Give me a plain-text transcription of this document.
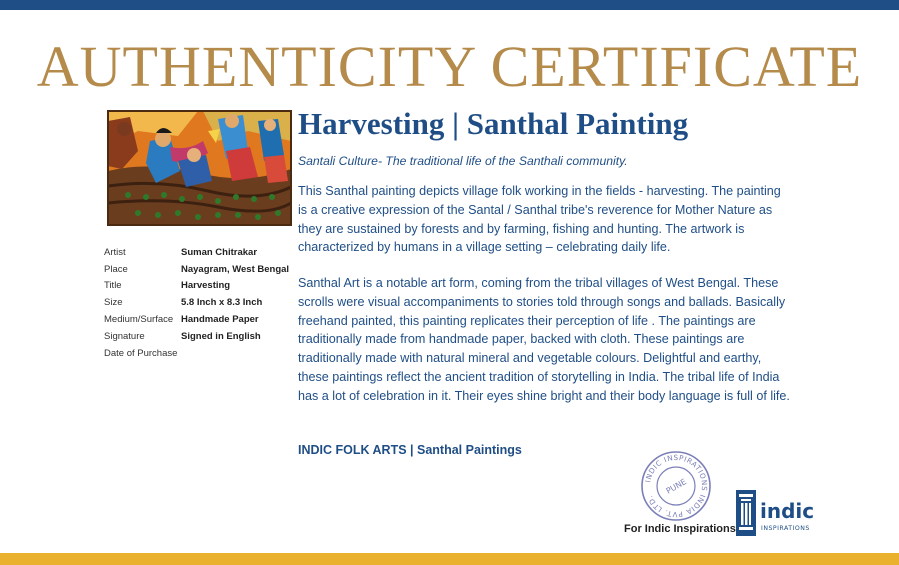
AUTHENTICITY CERTIFICATE
Artist	Suman Chitrakar
Place	Nayagram, West Bengal
Title	Harvesting
Size	5.8 Inch x 8.3 Inch
Medium/Surface Handmade Paper
Signature	Signed in English
Date of Purchase
Harvesting | Santhal Painting

Santali Culture- The traditional life of the Santhali community.

This Santhal painting depicts village folk working in the fields - harvesting. The painting is a creative expression of the Santal / Santhal tribe's reverence for Mother Nature as they are sustained by forests and by farming, fishing and hunting. The artwork is characterized by humans in a village setting – celebrating daily life.

Santhal Art is a notable art form, coming from the tribal villages of West Bengal. These scrolls were visual accompaniments to stories told through songs and ballads. Basically freehand painted, this painting replicates their perception of life . The paintings are traditionally made from handmade paper, backed with cloth. These paintings are traditionally made with natural mineral and vegetable colours. Delightful and earthy, these paintings reflect the ancient tradition of storytelling in India. The tribal life of India has a lot of celebration in it. Their eyes shine bright and their body language is full of life.

INDIC FOLK ARTS | Santhal Paintings

INDIC INSPIRATIONS INDIA PVT. LTD.
PUNE
For Indic Inspirations
indic
INSPIRATIONS
